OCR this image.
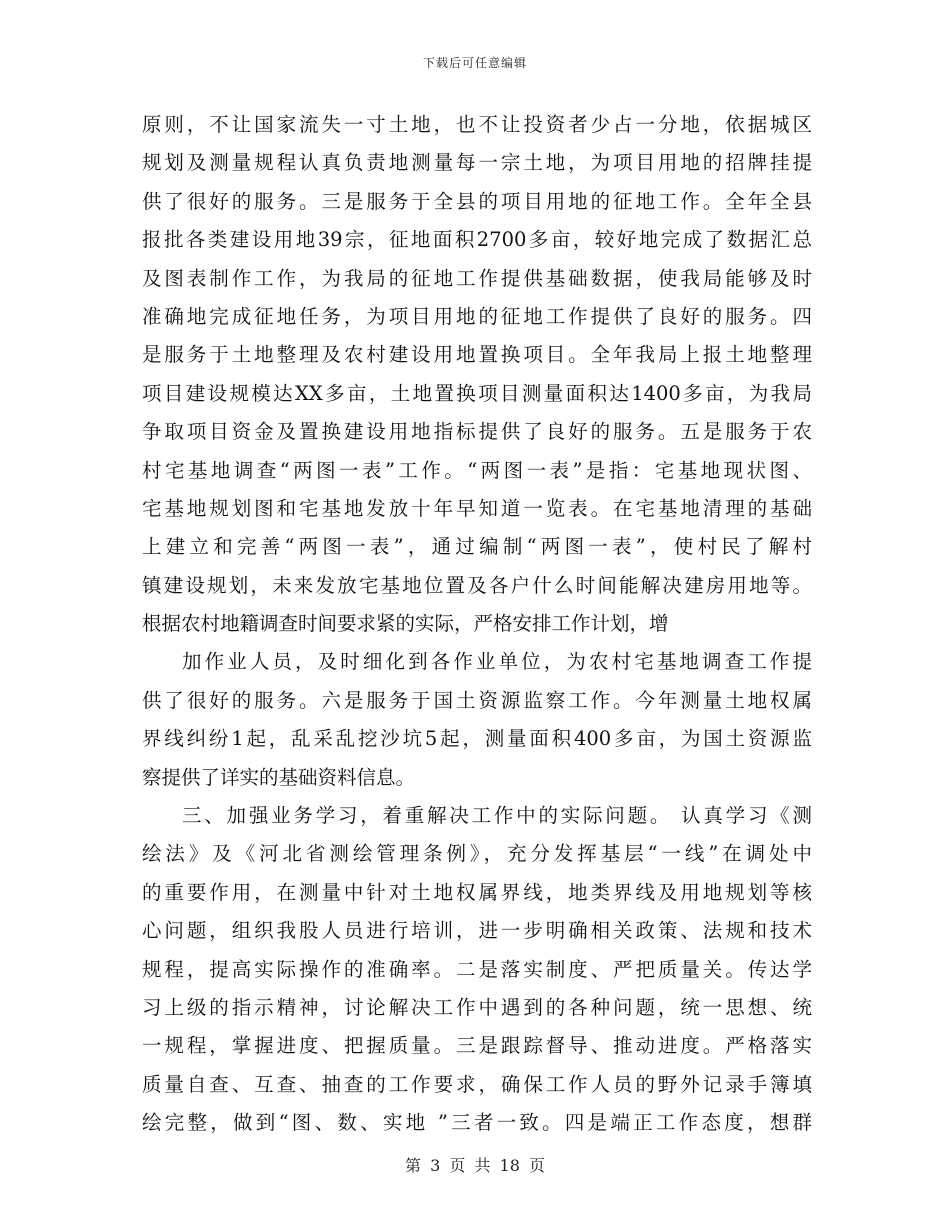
下载后可任意编辑
原则，不让国家流失一寸土地，也不让投资者少占一分地，依据城区
规划及测量规程认真负责地测量每一宗土地，为项目用地的招牌挂提
供了很好的服务。三是服务于全县的项目用地的征地工作。全年全县
报批各类建设用地39宗，征地面积2700多亩，较好地完成了数据汇总
及图表制作工作，为我局的征地工作提供基础数据，使我局能够及时
准确地完成征地任务，为项目用地的征地工作提供了良好的服务。四
是服务于土地整理及农村建设用地置换项目。全年我局上报土地整理
项目建设规模达XX多亩，土地置换项目测量面积达1400多亩，为我局
争取项目资金及置换建设用地指标提供了良好的服务。五是服务于农
村宅基地调查“两图一表”工作。“两图一表”是指：宅基地现状图、
宅基地规划图和宅基地发放十年早知道一览表。在宅基地清理的基础
上建立和完善“两图一表”，通过编制“两图一表”，使村民了解村
镇建设规划，未来发放宅基地位置及各户什么时间能解决建房用地等。
根据农村地籍调查时间要求紧的实际，严格安排工作计划，增
加作业人员，及时细化到各作业单位，为农村宅基地调查工作提
供了很好的服务。六是服务于国土资源监察工作。今年测量土地权属
界线纠纷1起，乱采乱挖沙坑5起，测量面积400多亩，为国土资源监
察提供了详实的基础资料信息。
三、加强业务学习，着重解决工作中的实际问题。 认真学习《测
绘法》及《河北省测绘管理条例》，充分发挥基层“一线”在调处中
的重要作用，在测量中针对土地权属界线，地类界线及用地规划等核
心问题，组织我股人员进行培训，进一步明确相关政策、法规和技术
规程，提高实际操作的准确率。二是落实制度、严把质量关。传达学
习上级的指示精神，讨论解决工作中遇到的各种问题，统一思想、统
一规程，掌握进度、把握质量。三是跟踪督导、推动进度。严格落实
质量自查、互查、抽查的工作要求，确保工作人员的野外记录手簿填
绘完整，做到“图、数、实地 ”三者一致。四是端正工作态度，想群
第 3 页 共 18 页
